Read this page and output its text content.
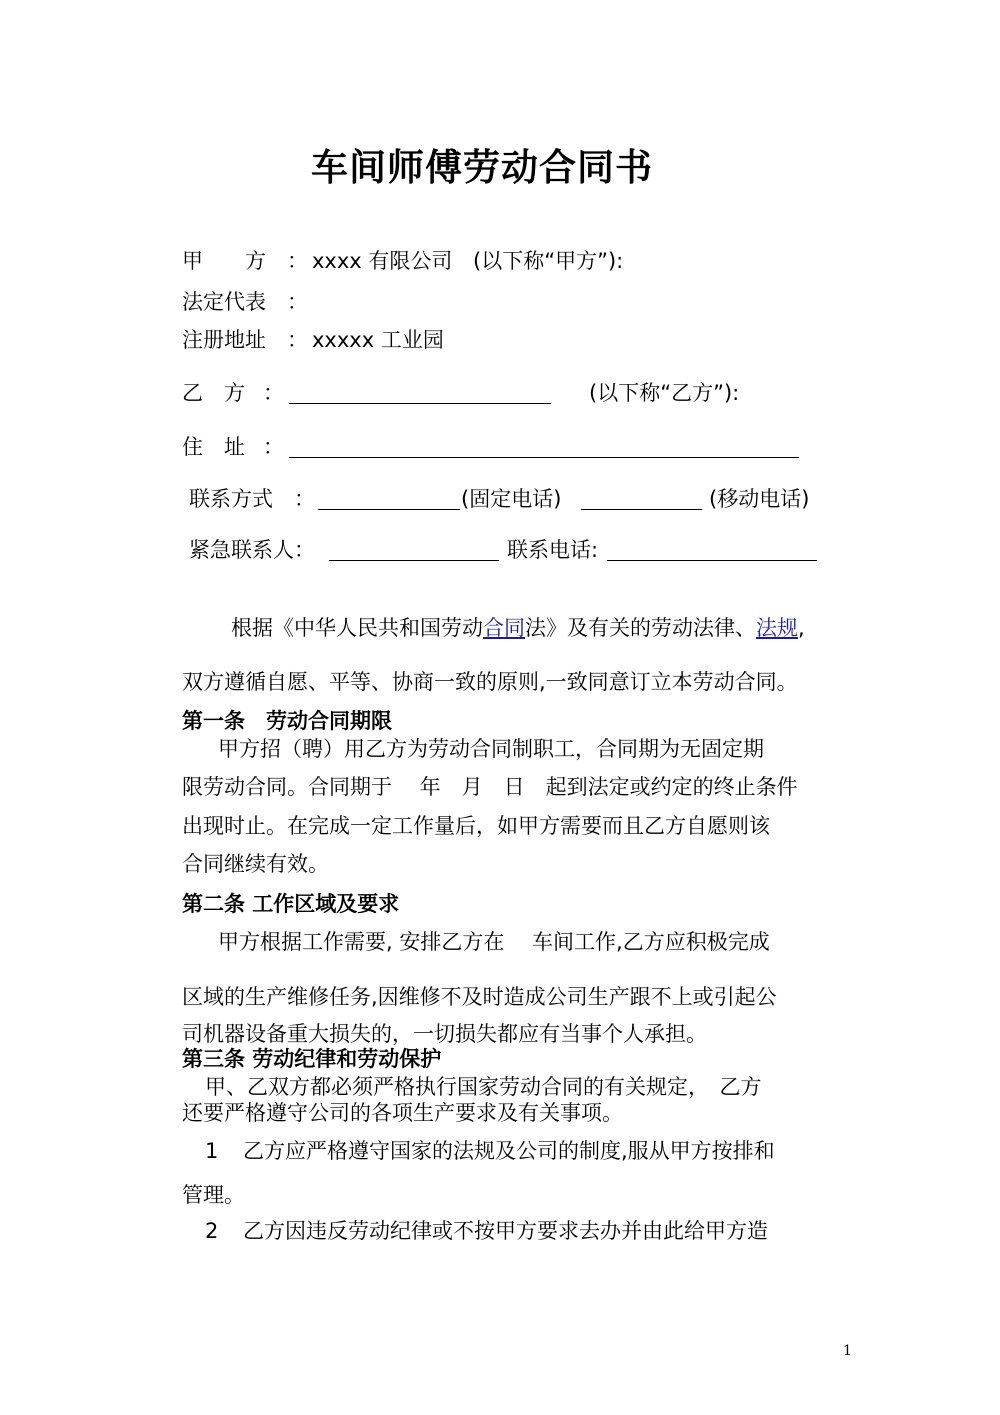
车间师傅劳动合同书
甲　　方 ： xxxx 有限公司 (以下称“甲方”):
法定代表 ：
注册地址 ： xxxxx 工业园
乙　方 ：	(以下称“乙方”):
住　址 ：
联系方式 ：	(固定电话)	(移动电话)
紧急联系人：	联系电话:
根据《中华人民共和国劳动合同法》及有关的劳动法律、法规,
双方遵循自愿、平等、协商一致的原则,一致同意订立本劳动合同。
第一条　劳动合同期限
甲方招（聘）用乙方为劳动合同制职工，合同期为无固定期
限劳动合同。合同期于　 年　月　日　起到法定或约定的终止条件
出现时止。在完成一定工作量后，如甲方需要而且乙方自愿则该
合同继续有效。
第二条 工作区域及要求
甲方根据工作需要, 安排乙方在　 车间工作,乙方应积极完成
区域的生产维修任务,因维修不及时造成公司生产跟不上或引起公
司机器设备重大损失的，一切损失都应有当事个人承担。
第三条 劳动纪律和劳动保护
甲、乙双方都必须严格执行国家劳动合同的有关规定，　乙方
还要严格遵守公司的各项生产要求及有关事项。
1 乙方应严格遵守国家的法规及公司的制度,服从甲方按排和
管理。
2 乙方因违反劳动纪律或不按甲方要求去办并由此给甲方造
1
